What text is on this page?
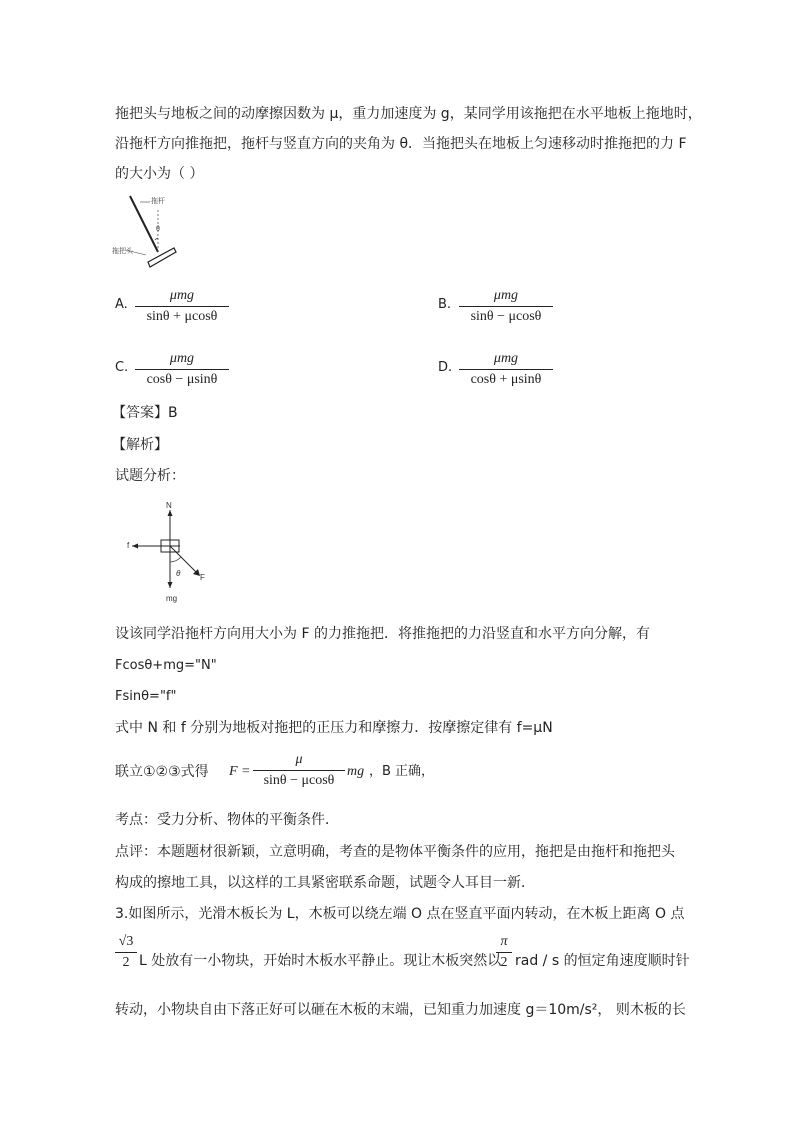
拖把头与地板之间的动摩擦因数为 μ，重力加速度为 g，某同学用该拖把在水平地板上拖地时，
沿拖杆方向推拖把，拖杆与竖直方向的夹角为 θ．当拖把头在地板上匀速移动时推拖把的力 F
的大小为（ ）
拖杆
θ
拖把头
A.
μmg
sinθ + μcosθ
B.
μmg
sinθ − μcosθ
C.
μmg
cosθ − μsinθ
D.
μmg
cosθ + μsinθ
【答案】B
【解析】
试题分析：
N
f
F
mg
θ
设该同学沿拖杆方向用大小为 F 的力推拖把．将推拖把的力沿竖直和水平方向分解，有
Fcosθ+mg="N"
Fsinθ="f"
式中 N 和 f 分别为地板对拖把的正压力和摩擦力．按摩擦定律有 f=μN
联立①②③式得 F =
μ
sinθ − μcosθ
mg ，B 正确，
考点：受力分析、物体的平衡条件．
点评：本题题材很新颖，立意明确，考查的是物体平衡条件的应用，拖把是由拖杆和拖把头
构成的擦地工具，以这样的工具紧密联系命题，试题令人耳目一新．
3.如图所示，光滑木板长为 L，木板可以绕左端 O 点在竖直平面内转动，在木板上距离 O 点
√3
2 L 处放有一小物块，开始时木板水平静止。现让木板突然以
π
2 rad / s 的恒定角速度顺时针
转动，小物块自由下落正好可以砸在木板的末端，已知重力加速度 g＝10m/s²， 则木板的长
